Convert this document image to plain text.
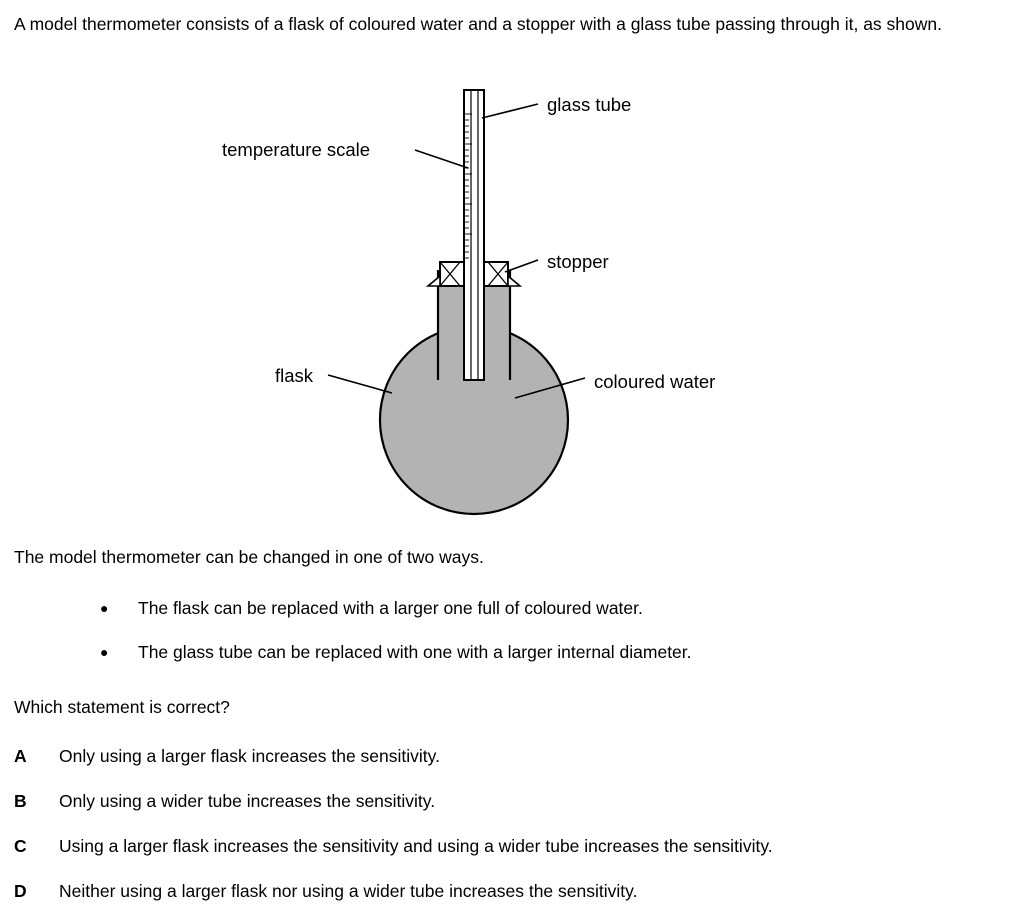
A model thermometer consists of a flask of coloured water and a stopper with a glass tube passing through it, as shown.
glass tube
temperature scale
stopper
flask	coloured water
The model thermometer can be changed in one of two ways.
●	The flask can be replaced with a larger one full of coloured water.
●	The glass tube can be replaced with one with a larger internal diameter.
Which statement is correct?
A	Only using a larger flask increases the sensitivity.
B	Only using a wider tube increases the sensitivity.
C	Using a larger flask increases the sensitivity and using a wider tube increases the sensitivity.
D	Neither using a larger flask nor using a wider tube increases the sensitivity.
